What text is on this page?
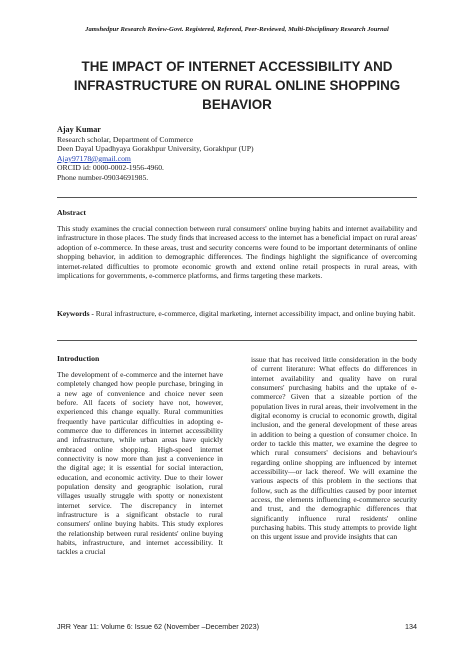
Jamshedpur Research Review-Govt. Registered, Refereed, Peer-Reviewed, Multi-Disciplinary Research Journal
THE IMPACT OF INTERNET ACCESSIBILITY AND INFRASTRUCTURE ON RURAL ONLINE SHOPPING BEHAVIOR
Ajay Kumar
Research scholar, Department of Commerce
Deen Dayal Upadhyaya Gorakhpur University, Gorakhpur (UP)
Ajay97178@gmail.com
ORCID id: 0000-0002-1956-4960.
Phone number-09034691985.
Abstract
This study examines the crucial connection between rural consumers' online buying habits and internet availability and infrastructure in those places. The study finds that increased access to the internet has a beneficial impact on rural areas' adoption of e-commerce. In these areas, trust and security concerns were found to be important determinants of online shopping behavior, in addition to demographic differences. The findings highlight the significance of overcoming internet-related difficulties to promote economic growth and extend online retail prospects in rural areas, with implications for governments, e-commerce platforms, and firms targeting these markets.
Keywords - Rural infrastructure, e-commerce, digital marketing, internet accessibility impact, and online buying habit.
Introduction
The development of e-commerce and the internet have completely changed how people purchase, bringing in a new age of convenience and choice never seen before. All facets of society have not, however, experienced this change equally. Rural communities frequently have particular difficulties in adopting e-commerce due to differences in internet accessibility and infrastructure, while urban areas have quickly embraced online shopping. High-speed internet connectivity is now more than just a convenience in the digital age; it is essential for social interaction, education, and economic activity. Due to their lower population density and geographic isolation, rural villages usually struggle with spotty or nonexistent internet service. The discrepancy in internet infrastructure is a significant obstacle to rural consumers' online buying habits. This study explores the relationship between rural residents' online buying habits, infrastructure, and internet accessibility. It tackles a crucial
issue that has received little consideration in the body of current literature: What effects do differences in internet availability and quality have on rural consumers' purchasing habits and the uptake of e-commerce? Given that a sizeable portion of the population lives in rural areas, their involvement in the digital economy is crucial to economic growth, digital inclusion, and the general development of these areas in addition to being a question of consumer choice. In order to tackle this matter, we examine the degree to which rural consumers' decisions and behaviour's regarding online shopping are influenced by internet accessibility—or lack thereof. We will examine the various aspects of this problem in the sections that follow, such as the difficulties caused by poor internet access, the elements influencing e-commerce security and trust, and the demographic differences that significantly influence rural residents' online purchasing habits. This study attempts to provide light on this urgent issue and provide insights that can
JRR Year 11: Volume 6: Issue 62 (November –December 2023)	134
